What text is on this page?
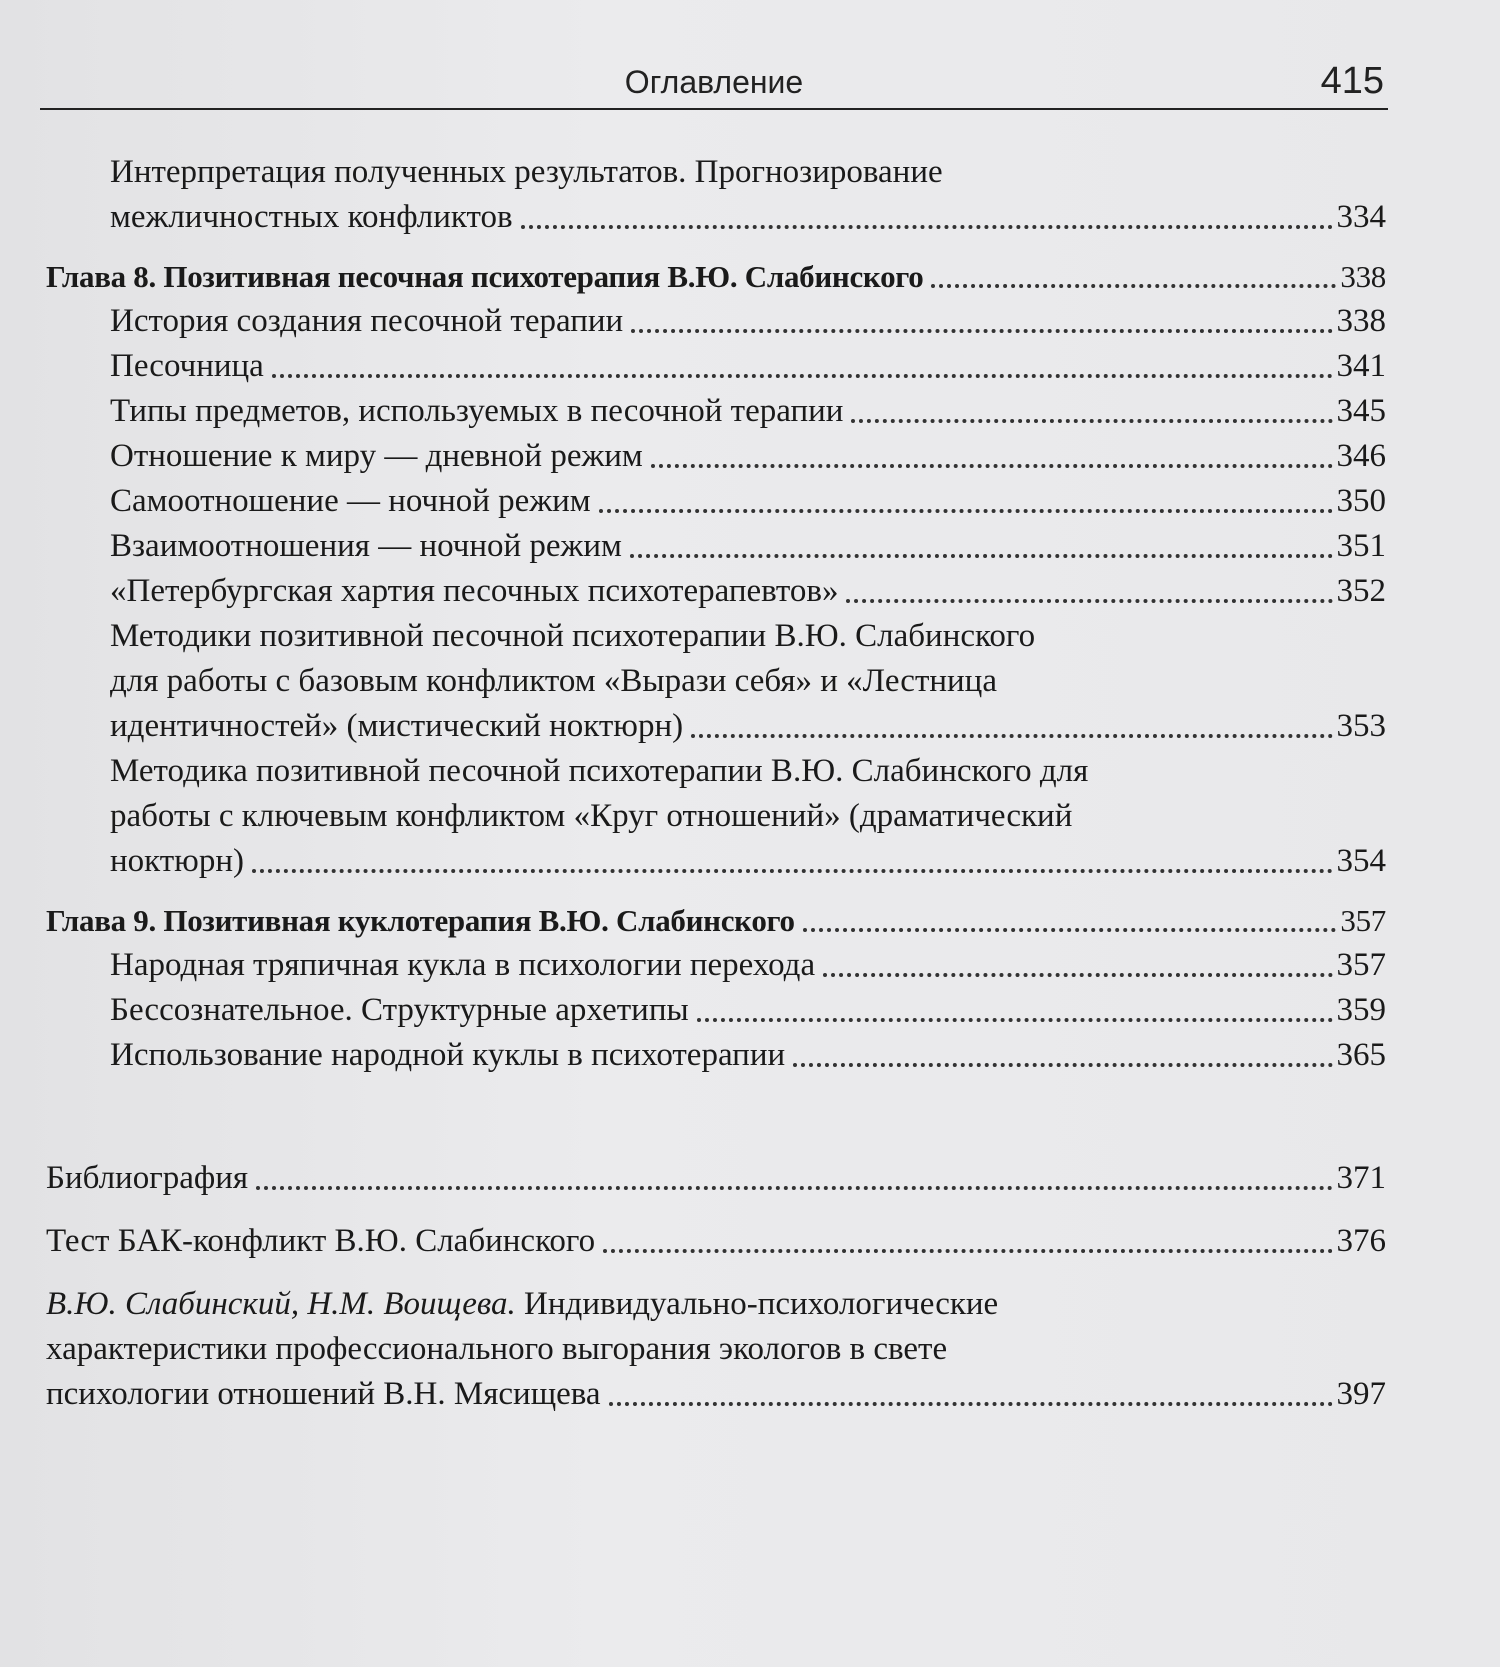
Оглавление	415
Интерпретация полученных результатов. Прогнозирование
межличностных конфликтов	334
Глава 8. Позитивная песочная психотерапия В.Ю. Слабинского	338
История создания песочной терапии	338
Песочница	341
Типы предметов, используемых в песочной терапии	345
Отношение к миру — дневной режим	346
Самоотношение — ночной режим	350
Взаимоотношения — ночной режим	351
«Петербургская хартия песочных психотерапевтов»	352
Методики позитивной песочной психотерапии В.Ю. Слабинского
для работы с базовым конфликтом «Вырази себя» и «Лестница
идентичностей» (мистический ноктюрн)	353
Методика позитивной песочной психотерапии В.Ю. Слабинского для
работы с ключевым конфликтом «Круг отношений» (драматический
ноктюрн)	354
Глава 9. Позитивная куклотерапия В.Ю. Слабинского	357
Народная тряпичная кукла в психологии перехода	357
Бессознательное. Структурные архетипы	359
Использование народной куклы в психотерапии	365
Библиография	371
Тест БАК-конфликт В.Ю. Слабинского	376
В.Ю. Слабинский, Н.М. Воищева. Индивидуально-психологические
характеристики профессионального выгорания экологов в свете
психологии отношений В.Н. Мясищева	397
